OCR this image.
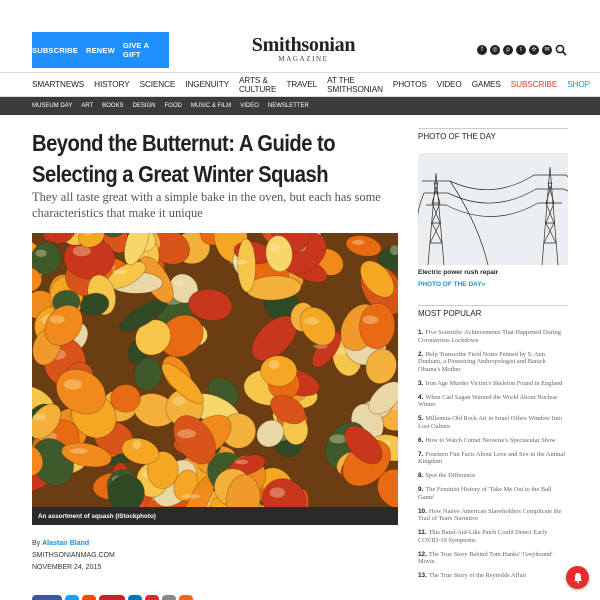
SUBSCRIBE RENEW GIVE A GIFT	Smithsonian
MAGAZINE
f	◎	p	t	✣	✉
SMARTNEWS HISTORY SCIENCE INGENUITY ARTS & CULTURE TRAVEL AT THE SMITHSONIAN PHOTOS VIDEO GAMES SUBSCRIBE SHOP
MUSEUM DAY ART BOOKS DESIGN FOOD MUSIC & FILM VIDEO NEWSLETTER
Beyond the Butternut: A Guide to Selecting a Great Winter Squash

They all taste great with a simple bake in the oven, but each has some characteristics that make it unique

An assortment of squash (iStockphoto)
By Alastair Bland
SMITHSONIANMAG.COM
NOVEMBER 24, 2015
PHOTO OF THE DAY
Electric power rush repair
PHOTO OF THE DAY»
MOST POPULAR
1. Five Scientific Achievements That Happened During Coronavirus Lockdown
2. Help Transcribe Field Notes Penned by S. Ann Dunham, a Pioneering Anthropologist and Barack Obama's Mother
3. Iron Age Murder Victim's Skeleton Found in England
4. When Carl Sagan Warned the World About Nuclear Winter
5. Millennia-Old Rock Art in Israel Offers Window Into Lost Culture
6. How to Watch Comet Neowise's Spectacular Show
7. Fourteen Fun Facts About Love and Sex in the Animal Kingdom
8. Spot the Difference
9. The Feminist History of 'Take Me Out to the Ball Game'
10. How Native American Slaveholders Complicate the Trail of Tears Narrative
11. This Band-Aid-Like Patch Could Detect Early COVID-19 Symptoms
12. The True Story Behind Tom Hanks' 'Greyhound' Movie
13. The True Story of the Reynolds Affair
